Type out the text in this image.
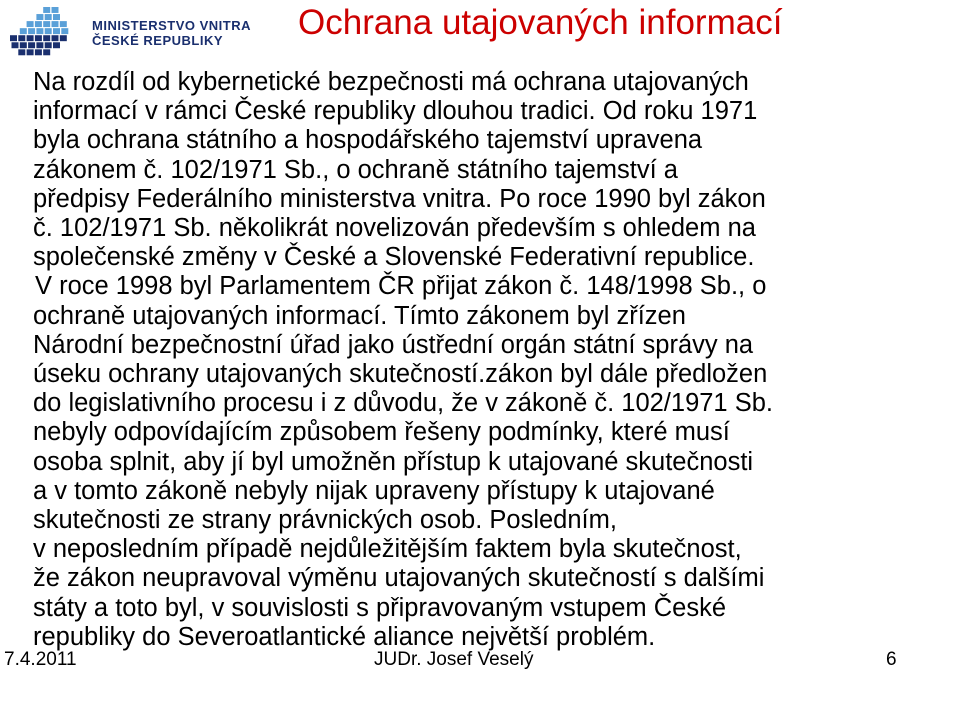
MINISTERSTVO VNITRA
ČESKÉ REPUBLIKY	Ochrana utajovaných informací
Na rozdíl od kybernetické bezpečnosti má ochrana utajovaných
informací v rámci České republiky dlouhou tradici. Od roku 1971
byla ochrana státního a hospodářského tajemství upravena
zákonem č. 102/1971 Sb., o ochraně státního tajemství a
předpisy Federálního ministerstva vnitra. Po roce 1990 byl zákon
č. 102/1971 Sb. několikrát novelizován především s ohledem na
společenské změny v České a Slovenské Federativní republice.
V roce 1998 byl Parlamentem ČR přijat zákon č. 148/1998 Sb., o
ochraně utajovaných informací. Tímto zákonem byl zřízen
Národní bezpečnostní úřad jako ústřední orgán státní správy na
úseku ochrany utajovaných skutečností.zákon byl dále předložen
do legislativního procesu i z důvodu, že v zákoně č. 102/1971 Sb.
nebyly odpovídajícím způsobem řešeny podmínky, které musí
osoba splnit, aby jí byl umožněn přístup k utajované skutečnosti
a v tomto zákoně nebyly nijak upraveny přístupy k utajované
skutečnosti ze strany právnických osob. Posledním,
v neposledním případě nejdůležitějším faktem byla skutečnost,
že zákon neupravoval výměnu utajovaných skutečností s dalšími
státy a toto byl, v souvislosti s připravovaným vstupem České
republiky do Severoatlantické aliance největší problém.
7.4.2011	JUDr. Josef Veselý	6
